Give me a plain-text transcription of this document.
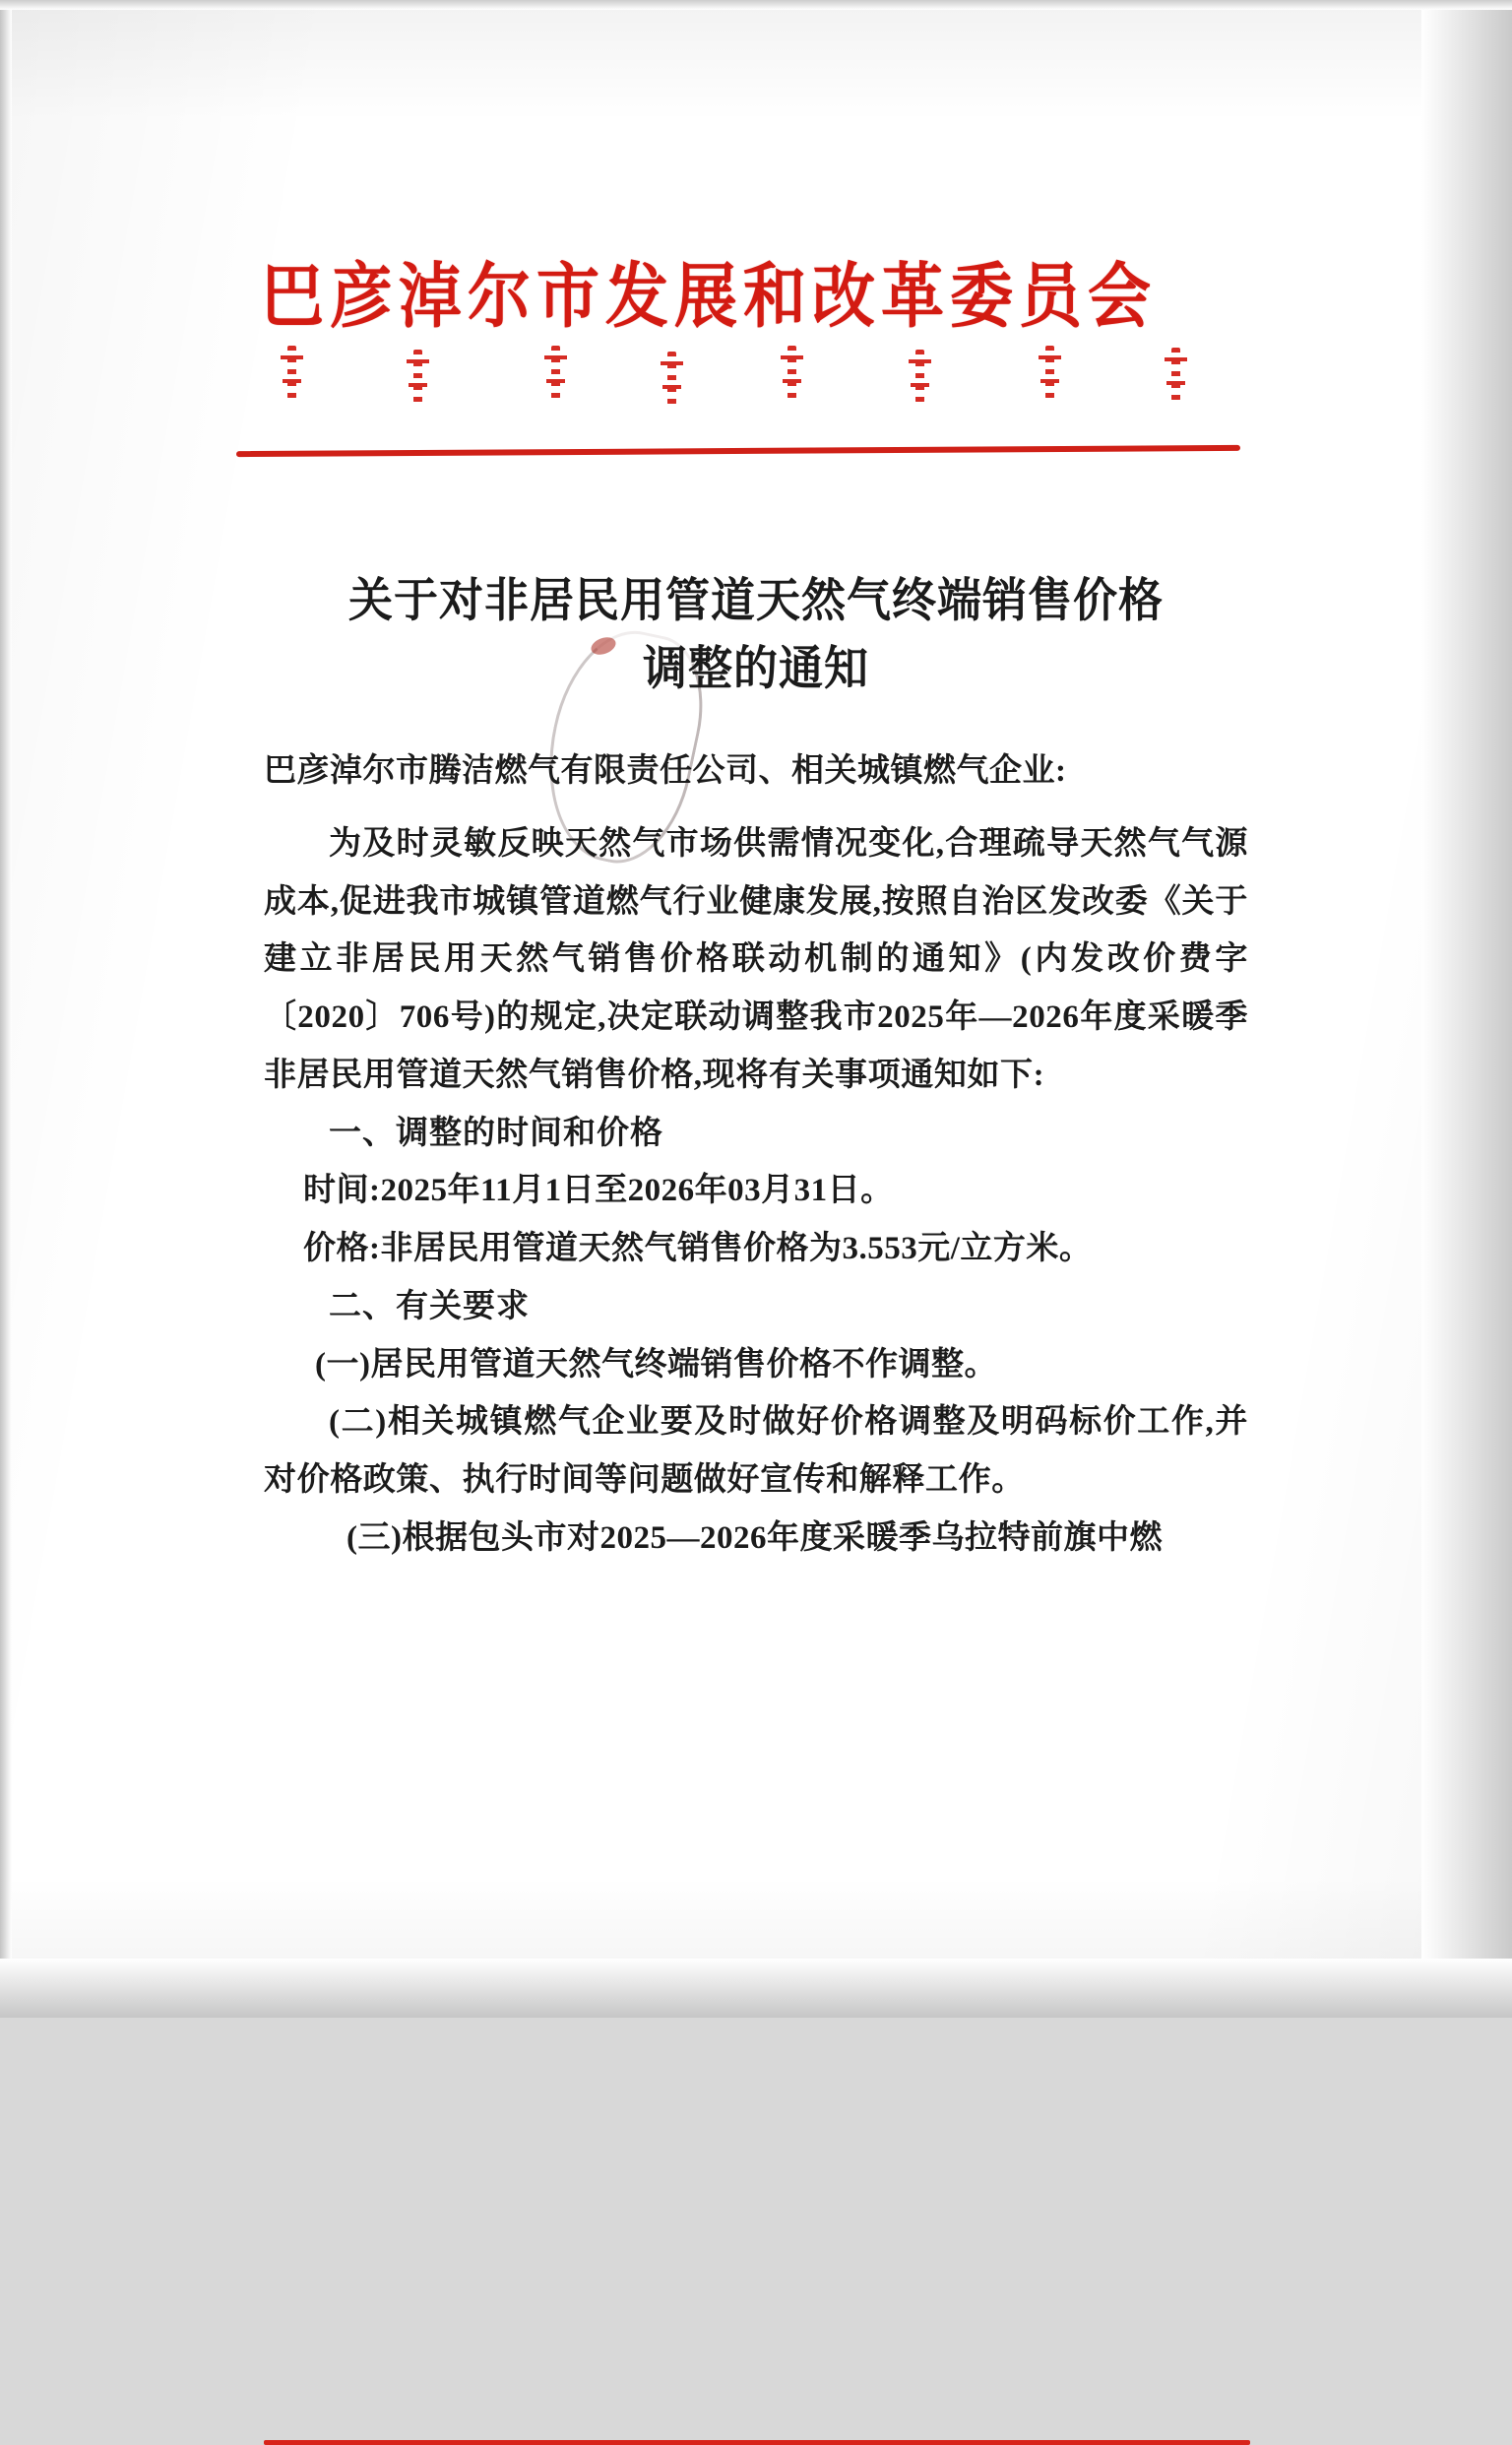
巴彦淖尔市发展和改革委员会
关于对非居民用管道天然气终端销售价格
调整的通知
巴彦淖尔市腾洁燃气有限责任公司、相关城镇燃气企业:
为及时灵敏反映天然气市场供需情况变化,合理疏导天然气气源成本,促进我市城镇管道燃气行业健康发展,按照自治区发改委《关于建立非居民用天然气销售价格联动机制的通知》(内发改价费字〔2020〕706号)的规定,决定联动调整我市2025年—2026年度采暖季非居民用管道天然气销售价格,现将有关事项通知如下:
一、调整的时间和价格
时间:2025年11月1日至2026年03月31日。
价格:非居民用管道天然气销售价格为3.553元/立方米。
二、有关要求
(一)居民用管道天然气终端销售价格不作调整。
(二)相关城镇燃气企业要及时做好价格调整及明码标价工作,并对价格政策、执行时间等问题做好宣传和解释工作。
(三)根据包头市对2025—2026年度采暖季乌拉特前旗中燃
